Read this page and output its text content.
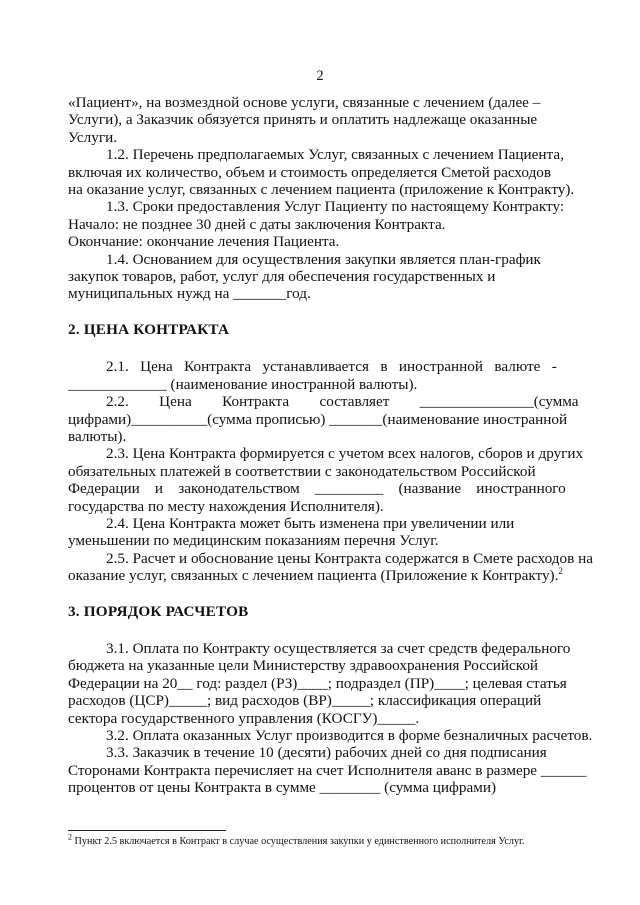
2

«Пациент», на возмездной основе услуги, связанные с лечением (далее –
Услуги), а Заказчик обязуется принять и оплатить надлежаще оказанные
Услуги.

1.2. Перечень предполагаемых Услуг, связанных с лечением Пациента,
включая их количество, объем и стоимость определяется Сметой расходов
на оказание услуг, связанных с лечением пациента (приложение к Контракту).

1.3. Сроки предоставления Услуг Пациенту по настоящему Контракту:
Начало: не позднее 30 дней с даты заключения Контракта.
Окончание: окончание лечения Пациента.

1.4. Основанием для осуществления закупки является план-график
закупок товаров, работ, услуг для обеспечения государственных и
муниципальных нужд на _______год.

2. ЦЕНА КОНТРАКТА

2.1.   Цена   Контракта   устанавливается   в   иностранной   валюте   -
_____________ (наименование иностранной валюты).

2.2.        Цена        Контракта        составляет        _______________(сумма
цифрами)__________(сумма прописью) _______(наименование иностранной
валюты).

2.3. Цена Контракта формируется с учетом всех налогов, сборов и других
обязательных платежей в соответствии с законодательством Российской
Федерации    и    законодательством    _________    (название    иностранного
государства по месту нахождения Исполнителя).

2.4. Цена Контракта может быть изменена при увеличении или
уменьшении по медицинским показаниям перечня Услуг.

2.5. Расчет и обоснование цены Контракта содержатся в Смете расходов на
оказание услуг, связанных с лечением пациента (Приложение к Контракту).$^2$

3. ПОРЯДОК РАСЧЕТОВ

3.1. Оплата по Контракту осуществляется за счет средств федерального
бюджета на указанные цели Министерству здравоохранения Российской
Федерации на 20__ год: раздел (РЗ)____; подраздел (ПР)____; целевая статья
расходов (ЦСР)_____; вид расходов (ВР)_____; классификация операций
сектора государственного управления (КОСГУ)_____.

3.2. Оплата оказанных Услуг производится в форме безналичных расчетов.

3.3. Заказчик в течение 10 (десяти) рабочих дней со дня подписания
Сторонами Контракта перечисляет на счет Исполнителя аванс в размере ______
процентов от цены Контракта в сумме ________ (сумма цифрами)

$^2$ Пункт 2.5 включается в Контракт в случае осуществления закупки у единственного исполнителя Услуг.
